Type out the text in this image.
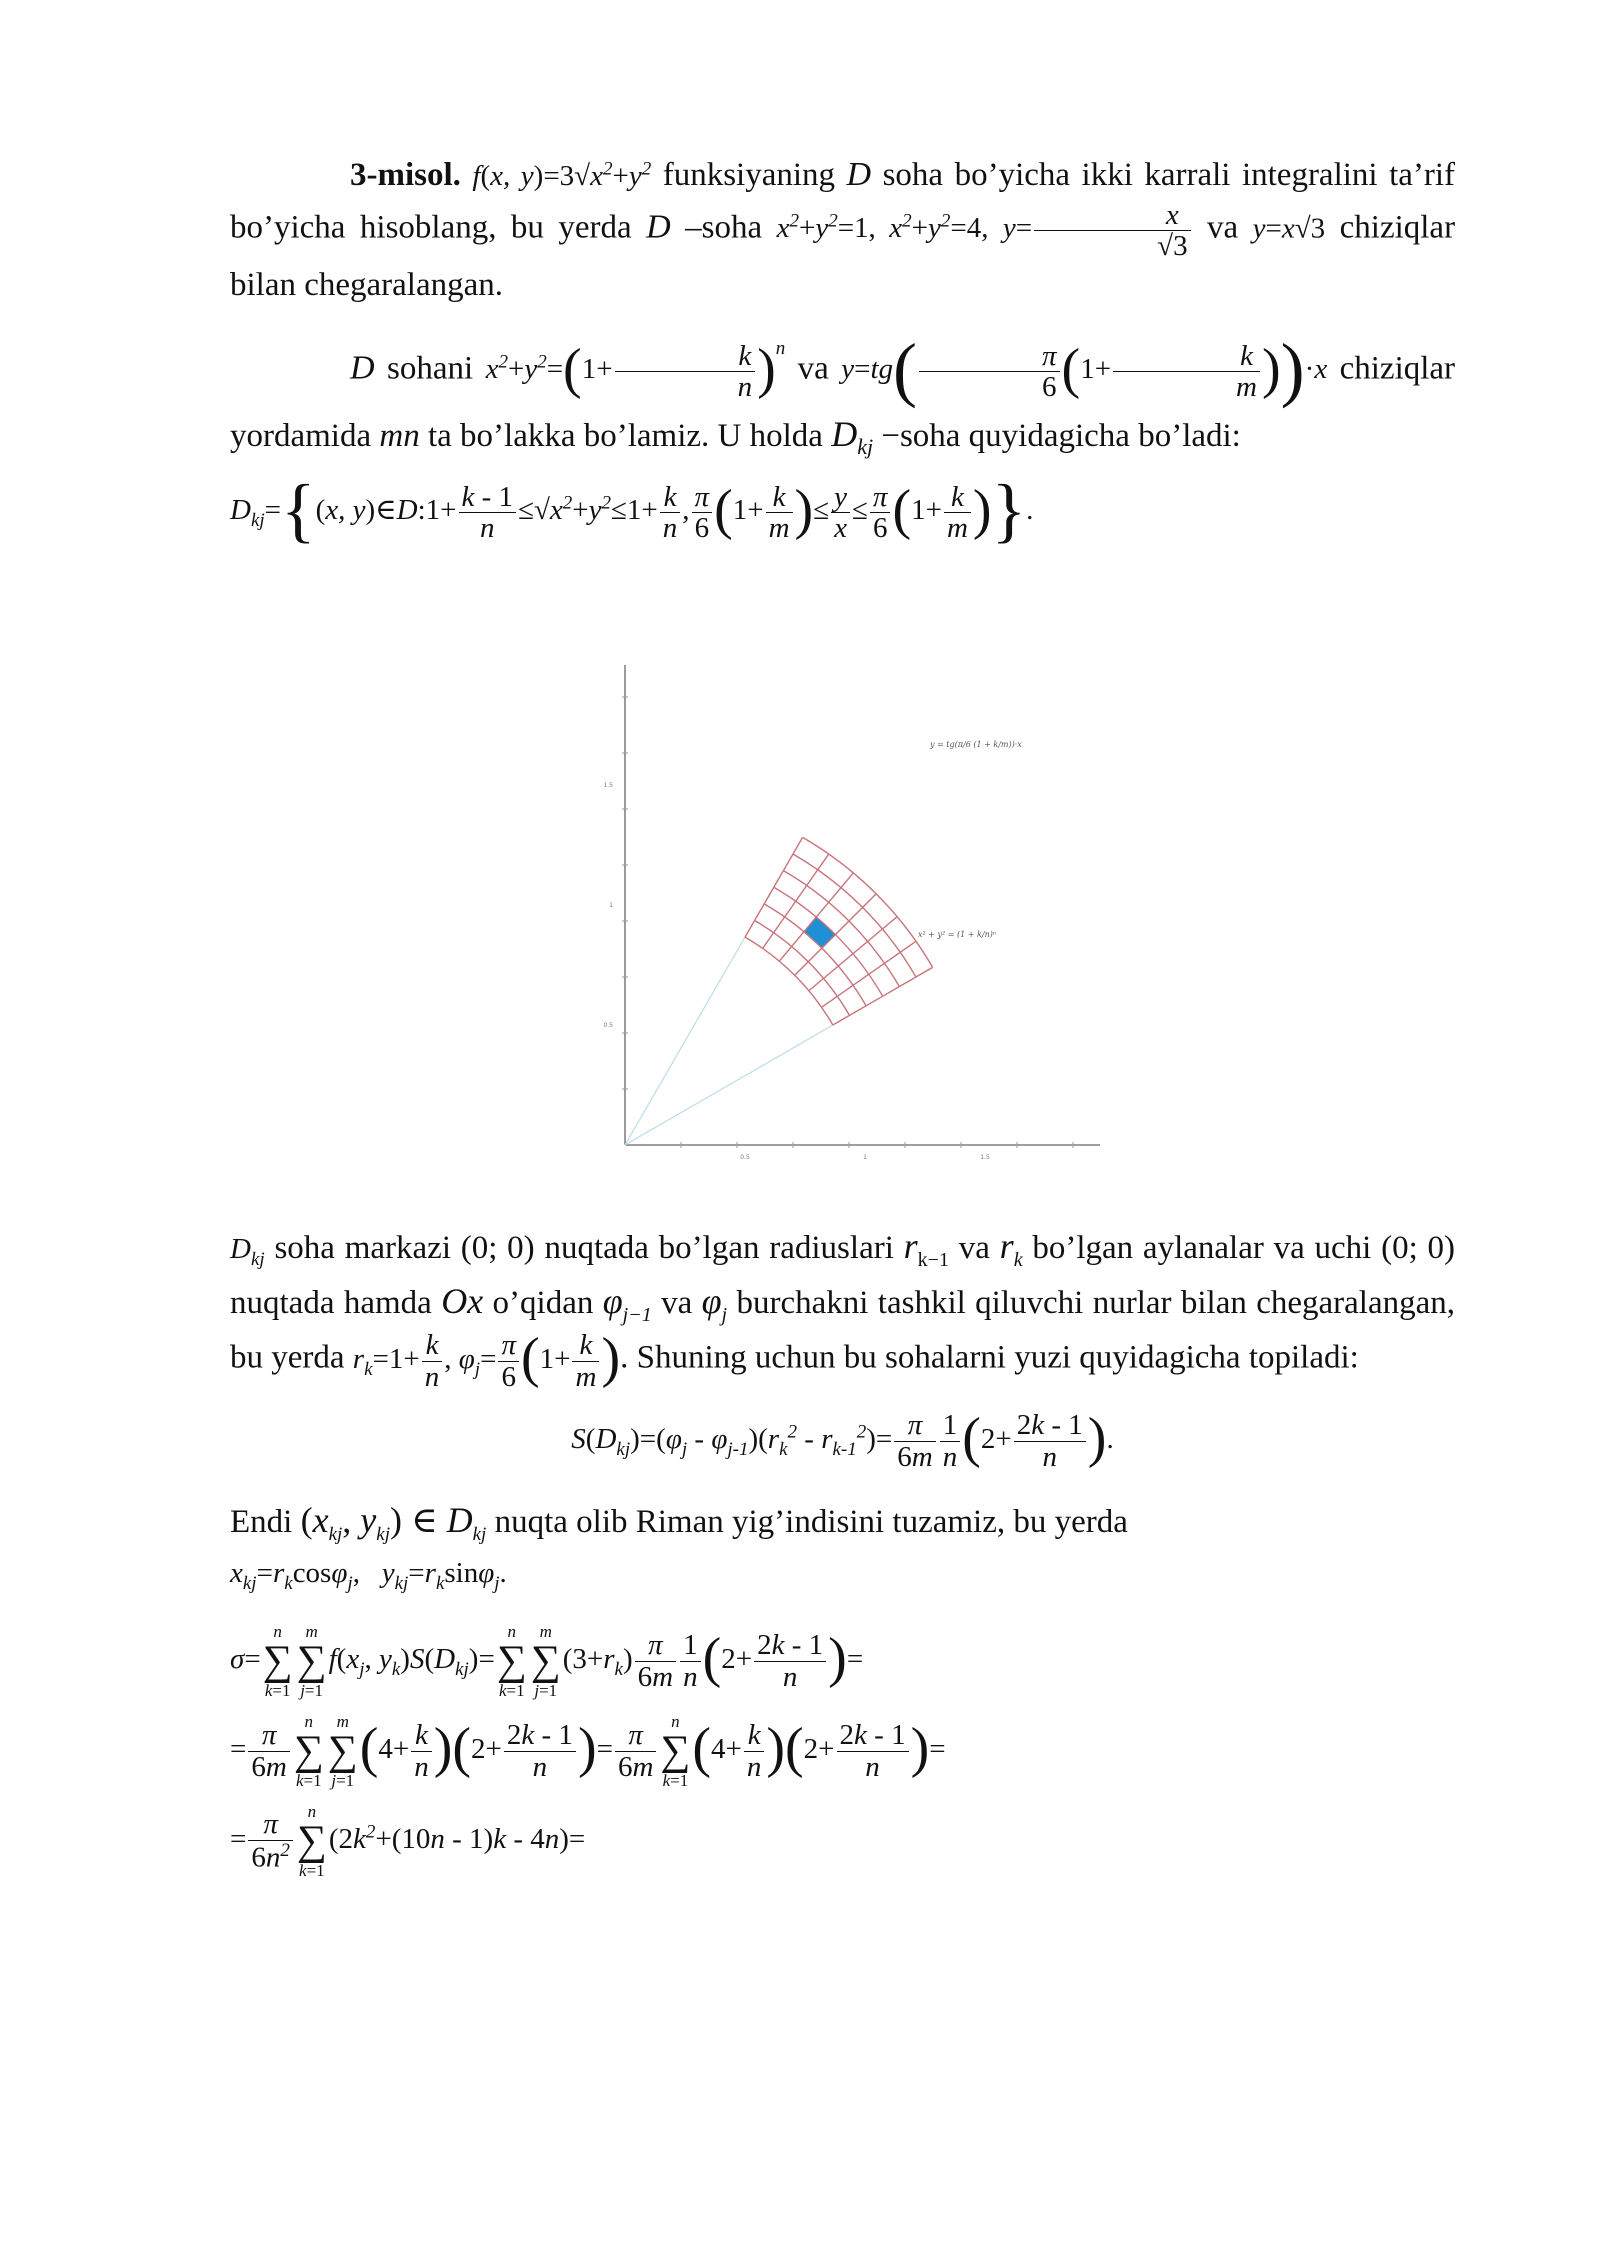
3-misol. f(x, $y)=3√x^2+y^2$ funksiyaning D soha bo’yicha ikki karrali integralini ta’rif bo’yicha hisoblang, bu yerda D –soha $x^2+y^2=1$, $x^2+y^2=4$, $y= \frac{x}{√3}$ va y=x√3 chiziqlar bilan chegaralangan.

D sohani $x^2+y^2=(1+ \frac{k}{n} )^n$ va $y=tg( \frac{\pi}{6} (1+ \frac{k}{m} ))\cdot x$ chiziqlar yordamida mn ta bo’lakka bo’lamiz. U holda $D_{kj}$ −soha quyidagicha bo’ladi:

$D_{kj}=\{(x$, y)∈D:1+ $\frac{k - 1}{n} \le√x^2+y^2\le 1+ \frac{k}{n}$ , $\frac{\pi}{6} (1+ \frac{k}{m}$ )≤ $\frac{y}{x} \le \frac{\pi}{6} (1+ \frac{k}{m}$ )}.
1
0.5
1.5
0.5	1	1.5
y = tg(π/6 (1 + k/m))·x
x² + y² = (1 + k/n)ⁿ

$D_{kj}$ soha markazi (0; 0) nuqtada bo’lgan radiuslari $r_{k-1}$ va $r_k$ bo’lgan aylanalar va uchi (0; 0) nuqtada hamda Ox o’qidan $\varphi_{j-1}$ va $\varphi_j$ burchakni tashkil qiluvchi nurlar bilan chegaralangan, bu yerda $r_k=1+ \frac{k}{n}$ , $\varphi_j= \frac{\pi}{6} (1+ \frac{k}{m}$ ). Shuning uchun bu sohalarni yuzi quyidagicha topiladi:

$S(D_{kj})=(\varphi_j - \varphi_{j-1})(r_k^2 - r_{k-1}^2)= \frac{\pi}{6m} \frac{1}{n} (2+ \frac{2k - 1}{n}$ ).

Endi ($x_{kj}$, $y_{kj}$) ∈ $D_{kj}$ nuqta olib Riman yig’indisini tuzamiz, bu yerda
$x_{kj}=r_k\cos\varphi_j$,   $y_{kj}=r_k\sin\varphi_j$.

σ=
n
∑
k=1
m
∑
j=1
$f(x_j$, $y_k)S(D_{kj})=$
n
∑
k=1
m
∑
j=1
$(3+r_k) \frac{\pi}{6m} \frac{1}{n} (2+ \frac{2k - 1}{n}$ )=
= $\frac{\pi}{6m}$ n
∑
k=1
m
∑
j=1
$(4+ \frac{k}{n} )(2+ \frac{2k - 1}{n}$ )= $\frac{\pi}{6m}$ n
∑
k=1
$(4+ \frac{k}{n} )(2+ \frac{2k - 1}{n}$ )=
= $\frac{\pi}{6n^2}$ n
∑
k=1
$(2k^2+(10n - 1)k - 4n)=$
